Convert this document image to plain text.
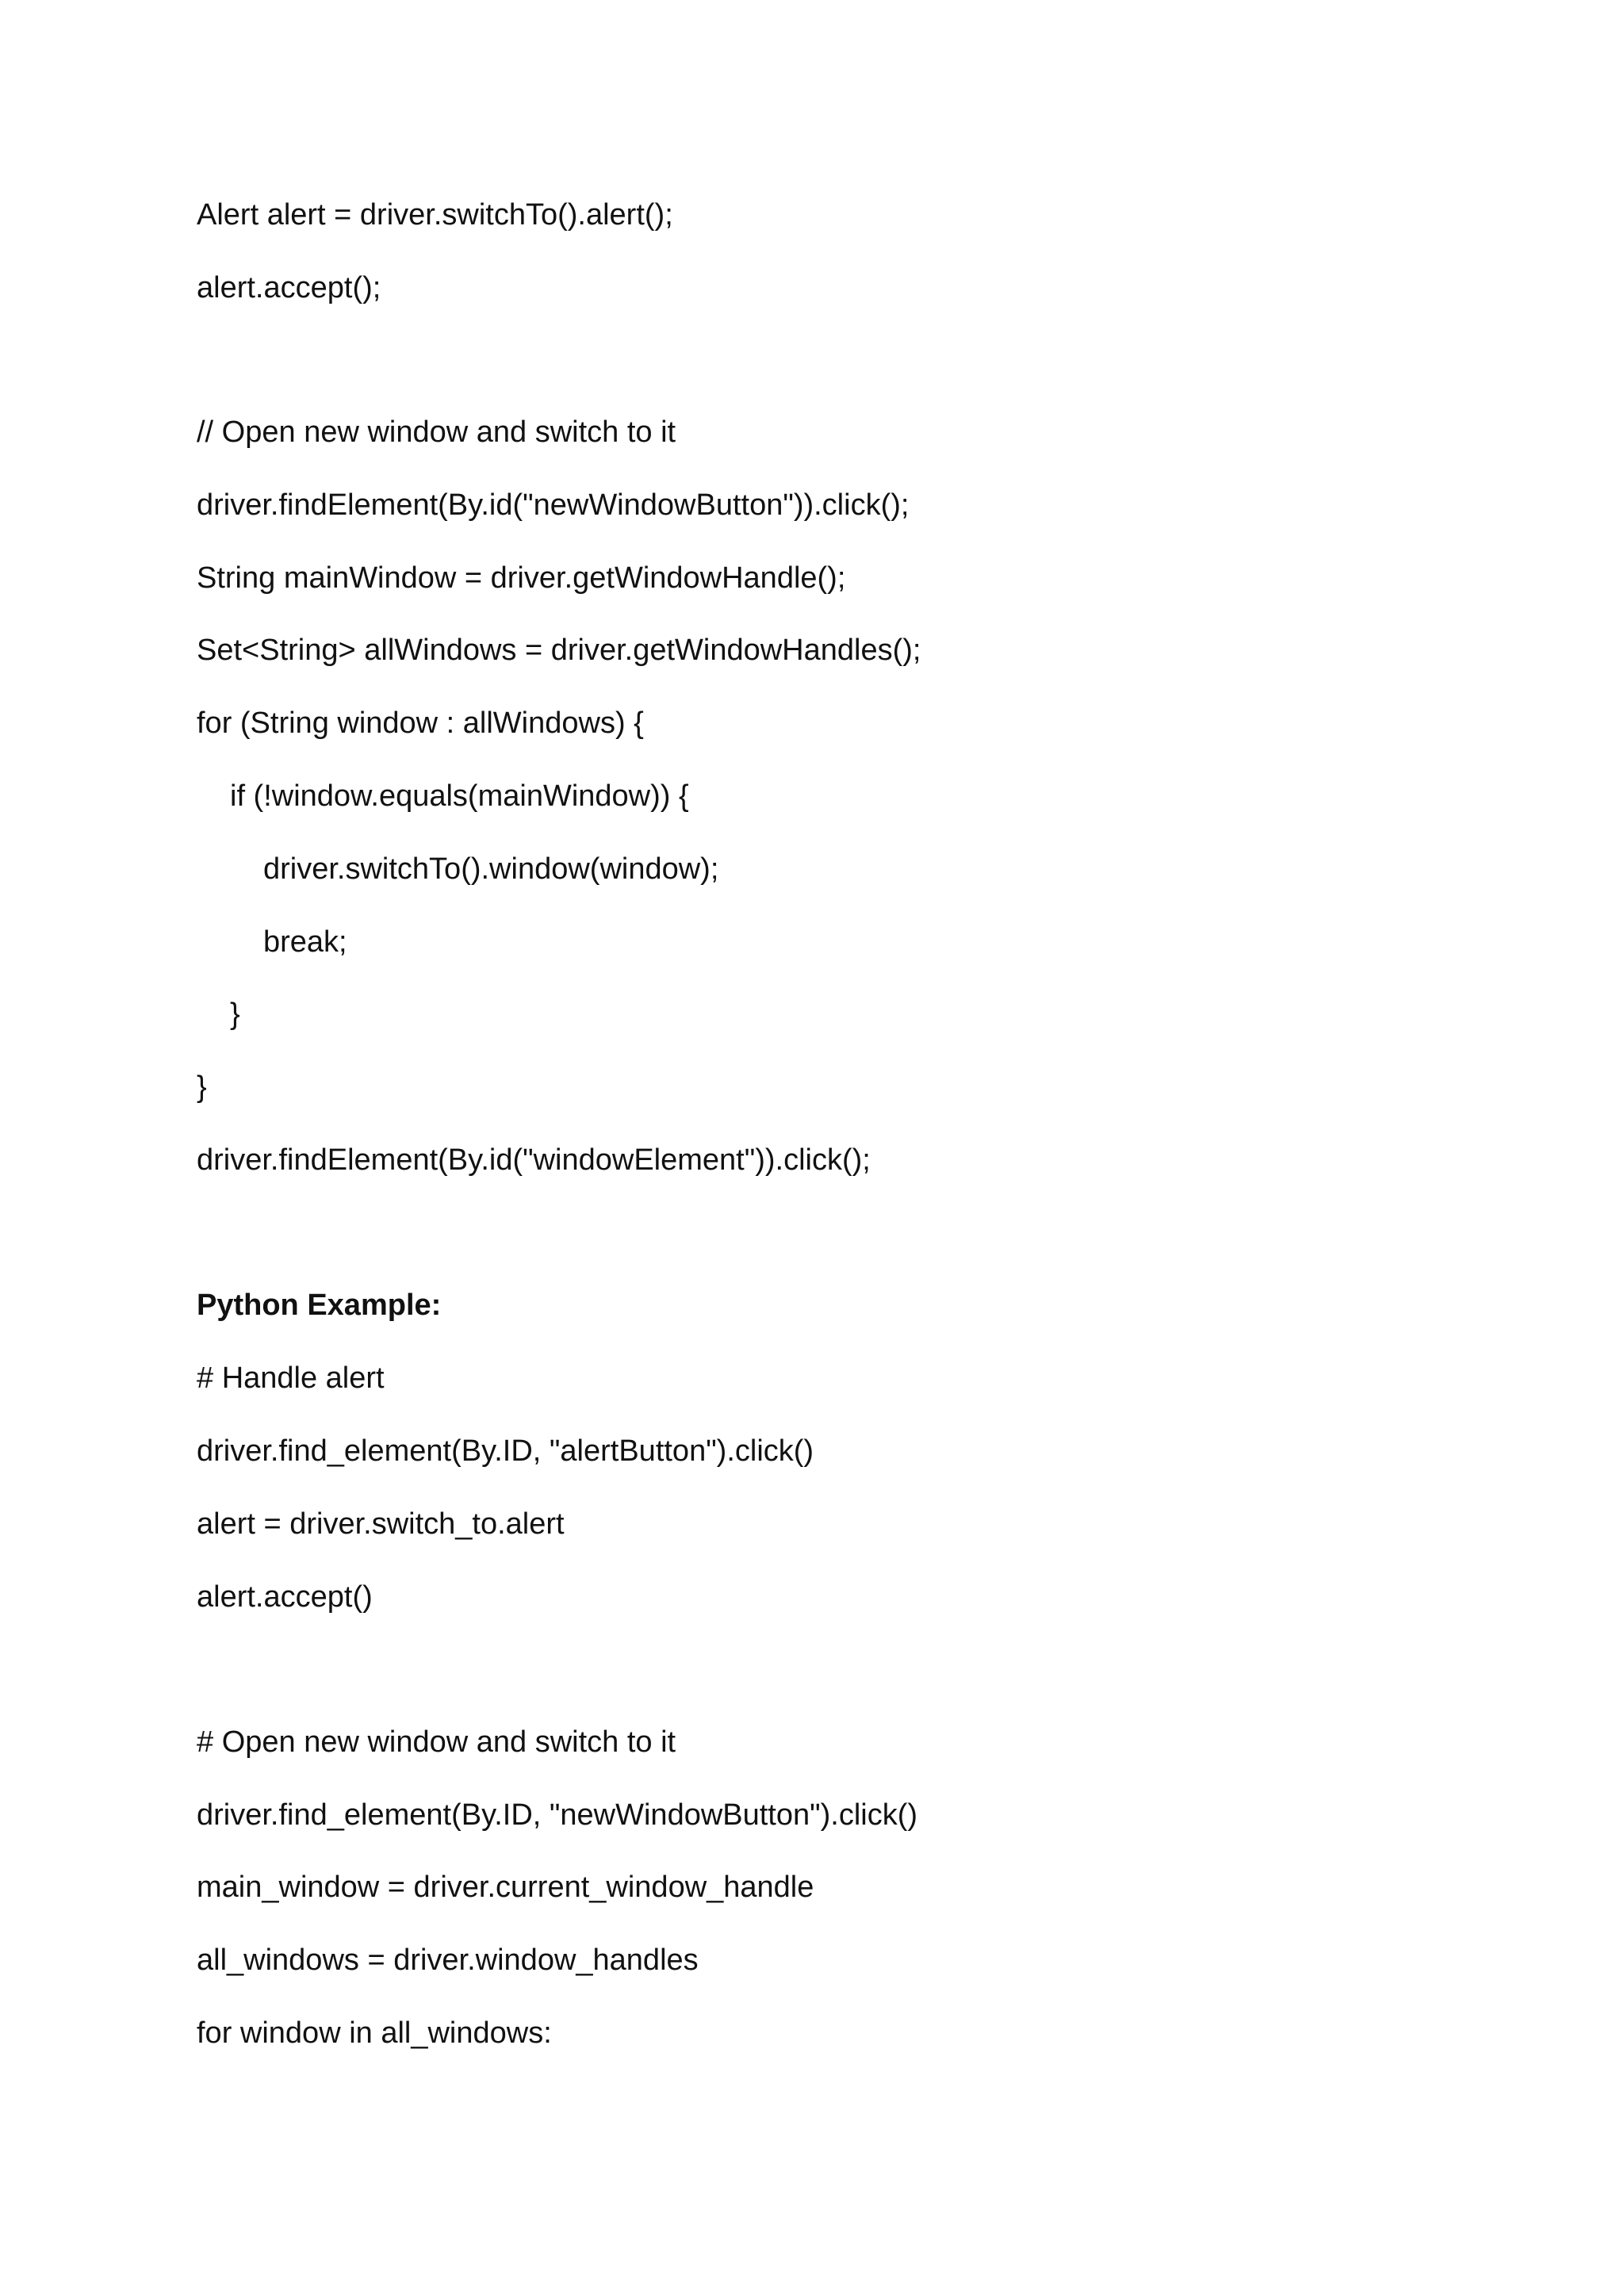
Alert alert = driver.switchTo().alert();
alert.accept();
// Open new window and switch to it
driver.findElement(By.id("newWindowButton")).click();
String mainWindow = driver.getWindowHandle();
Set<String> allWindows = driver.getWindowHandles();
for (String window : allWindows) {
if (!window.equals(mainWindow)) {
driver.switchTo().window(window);
break;
}
}
driver.findElement(By.id("windowElement")).click();
Python Example:
# Handle alert
driver.find_element(By.ID, "alertButton").click()
alert = driver.switch_to.alert
alert.accept()
# Open new window and switch to it
driver.find_element(By.ID, "newWindowButton").click()
main_window = driver.current_window_handle
all_windows = driver.window_handles
for window in all_windows:
